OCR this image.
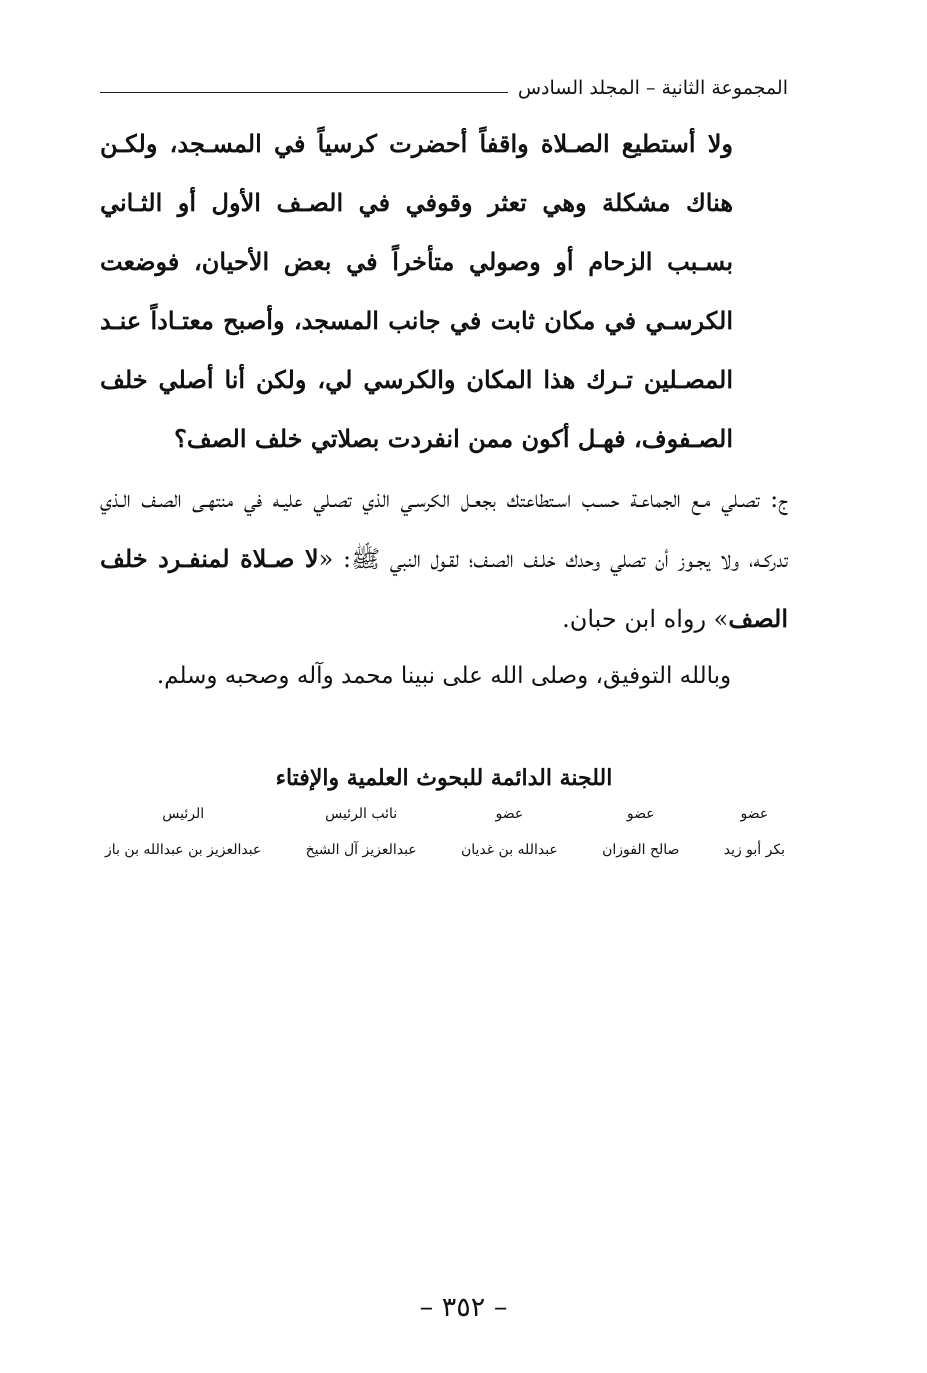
المجموعة الثانية – المجلد السادس

ولا أستطيع الصـلاة واقفاً أحضرت كرسياً في المسـجد، ولكـن هناك مشكلة وهي تعثر وقوفي في الصـف الأول أو الثـاني بسـبب الزحام أو وصولي متأخراً في بعض الأحيان، فوضعت الكرسـي في مكان ثابت في جانب المسجد، وأصبح معتـاداً عنـد المصـلين تـرك هذا المكان والكرسي لي، ولكن أنا أصلي خلف الصـفوف، فهـل أكون ممن انفردت بصلاتي خلف الصف؟

ج: تصـلي مـع الجماعـة حسـب اسـتطاعتك بجعـل الكرسـي الذي تصـلي عليـه في منتهـى الصـف الـذي تدركـه، ولا يجـوز أن تصلي وحدك خلـف الصـف؛ لقـول النبي ﷺ: «لا صـلاة لمنفـرد خلف الصف» رواه ابن حبان.

وبالله التوفيق، وصلى الله على نبينا محمد وآله وصحبه وسلم.

اللجنة الدائمة للبحوث العلمية والإفتاء
عضو
بكر أبو زيد
عضو
صالح الفوزان
عضو
عبدالله بن غديان
نائب الرئيس
عبدالعزيز آل الشيخ
الرئيس
عبدالعزيز بن عبدالله بن باز
– ٣٥٢ –
